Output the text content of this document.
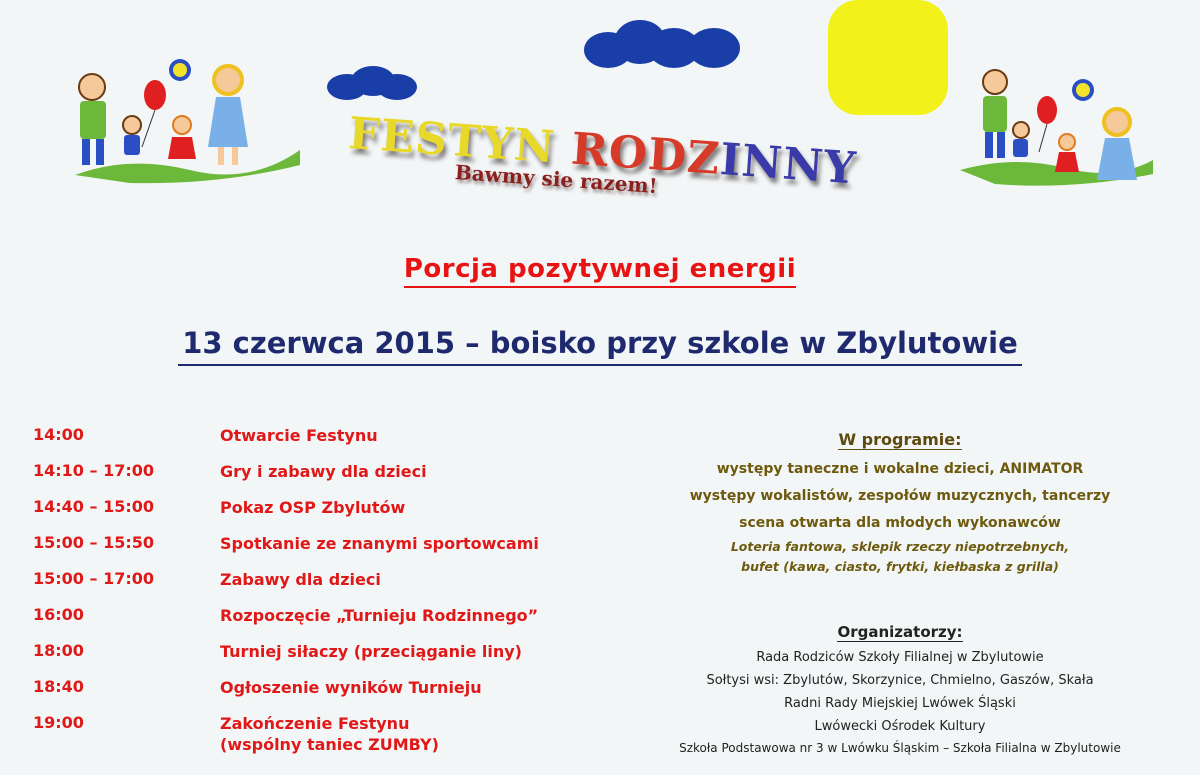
FESTYN RODZINNY
Bawmy sie razem!
Porcja pozytywnej energii
13 czerwca 2015 – boisko przy szkole w Zbylutowie
14:00	Otwarcie Festynu
14:10 – 17:00	Gry i zabawy dla dzieci
14:40 – 15:00	Pokaz OSP Zbylutów
15:00 – 15:50	Spotkanie ze znanymi sportowcami
15:00 – 17:00	Zabawy dla dzieci
16:00	Rozpoczęcie „Turnieju Rodzinnego”
18:00	Turniej siłaczy (przeciąganie liny)
18:40	Ogłoszenie wyników Turnieju
19:00	Zakończenie Festynu
(wspólny taniec ZUMBY)
W programie:
występy taneczne i wokalne dzieci, ANIMATOR
występy wokalistów, zespołów muzycznych, tancerzy
scena otwarta dla młodych wykonawców
Loteria fantowa, sklepik rzeczy niepotrzebnych,
bufet (kawa, ciasto, frytki, kiełbaska z grilla)
Organizatorzy:
Rada Rodziców Szkoły Filialnej w Zbylutowie
Sołtysi wsi: Zbylutów, Skorzynice, Chmielno, Gaszów, Skała
Radni Rady Miejskiej Lwówek Śląski
Lwówecki Ośrodek Kultury
Szkoła Podstawowa nr 3 w Lwówku Śląskim – Szkoła Filialna w Zbylutowie
